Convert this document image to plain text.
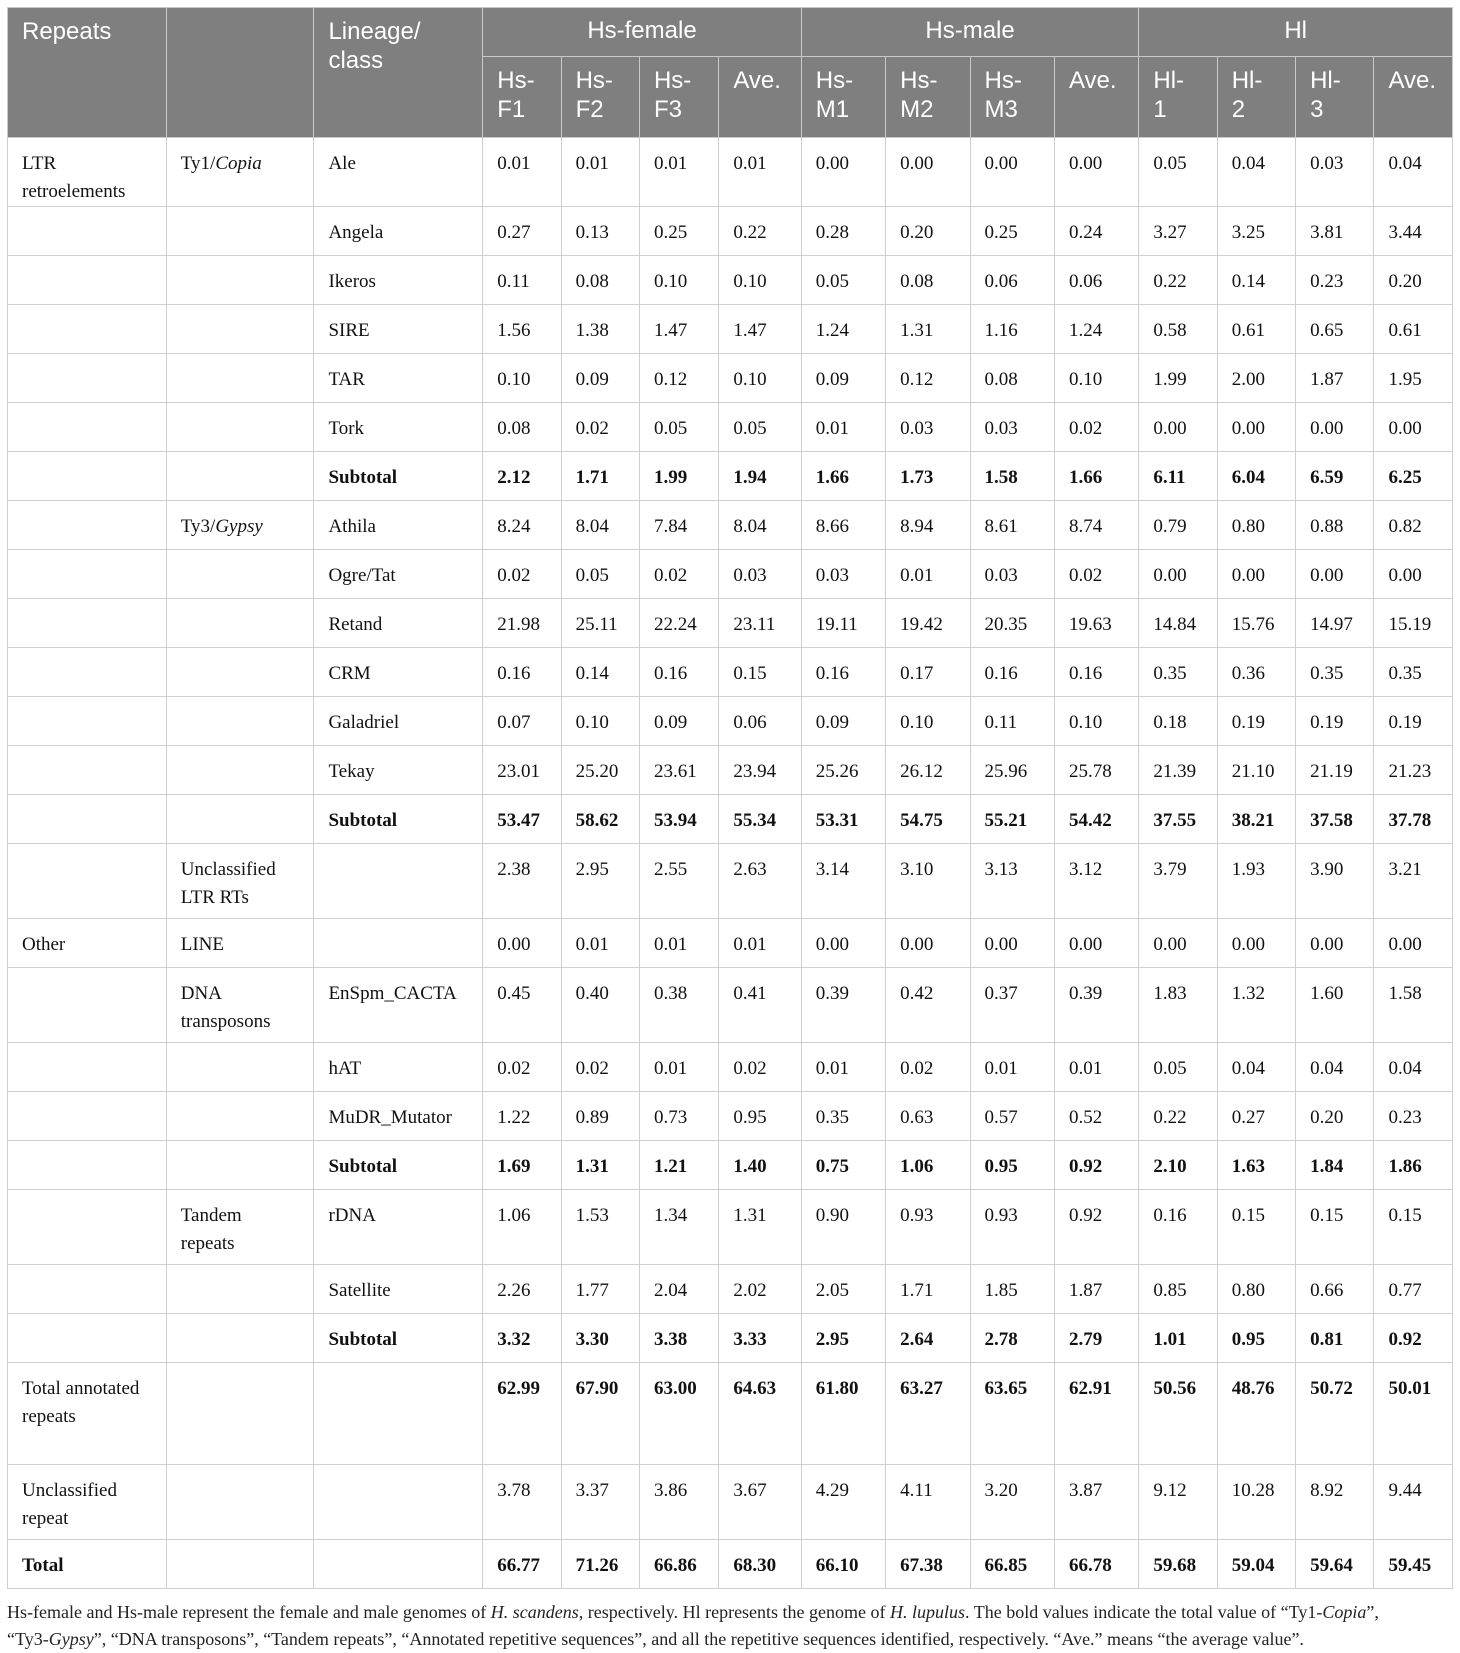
Repeats		Lineage/ class	Hs-female				Hs-male				Hl			
			Hs- F1	Hs- F2	Hs- F3	Ave.	Hs- M1	Hs- M2	Hs- M3	Ave.	Hl- 1	Hl- 2	Hl- 3	Ave.
LTR retroelements	Ty1/Copia	Ale	0.01	0.01	0.01	0.01	0.00	0.00	0.00	0.00	0.05	0.04	0.03	0.04
		Angela	0.27	0.13	0.25	0.22	0.28	0.20	0.25	0.24	3.27	3.25	3.81	3.44
		Ikeros	0.11	0.08	0.10	0.10	0.05	0.08	0.06	0.06	0.22	0.14	0.23	0.20
		SIRE	1.56	1.38	1.47	1.47	1.24	1.31	1.16	1.24	0.58	0.61	0.65	0.61
		TAR	0.10	0.09	0.12	0.10	0.09	0.12	0.08	0.10	1.99	2.00	1.87	1.95
		Tork	0.08	0.02	0.05	0.05	0.01	0.03	0.03	0.02	0.00	0.00	0.00	0.00
		Subtotal	2.12	1.71	1.99	1.94	1.66	1.73	1.58	1.66	6.11	6.04	6.59	6.25
	Ty3/Gypsy	Athila	8.24	8.04	7.84	8.04	8.66	8.94	8.61	8.74	0.79	0.80	0.88	0.82
		Ogre/Tat	0.02	0.05	0.02	0.03	0.03	0.01	0.03	0.02	0.00	0.00	0.00	0.00
		Retand	21.98	25.11	22.24	23.11	19.11	19.42	20.35	19.63	14.84	15.76	14.97	15.19
		CRM	0.16	0.14	0.16	0.15	0.16	0.17	0.16	0.16	0.35	0.36	0.35	0.35
		Galadriel	0.07	0.10	0.09	0.06	0.09	0.10	0.11	0.10	0.18	0.19	0.19	0.19
		Tekay	23.01	25.20	23.61	23.94	25.26	26.12	25.96	25.78	21.39	21.10	21.19	21.23
		Subtotal	53.47	58.62	53.94	55.34	53.31	54.75	55.21	54.42	37.55	38.21	37.58	37.78
	Unclassified LTR RTs		2.38	2.95	2.55	2.63	3.14	3.10	3.13	3.12	3.79	1.93	3.90	3.21
Other	LINE		0.00	0.01	0.01	0.01	0.00	0.00	0.00	0.00	0.00	0.00	0.00	0.00
	DNA transposons	EnSpm_CACTA	0.45	0.40	0.38	0.41	0.39	0.42	0.37	0.39	1.83	1.32	1.60	1.58
		hAT	0.02	0.02	0.01	0.02	0.01	0.02	0.01	0.01	0.05	0.04	0.04	0.04
		MuDR_Mutator	1.22	0.89	0.73	0.95	0.35	0.63	0.57	0.52	0.22	0.27	0.20	0.23
		Subtotal	1.69	1.31	1.21	1.40	0.75	1.06	0.95	0.92	2.10	1.63	1.84	1.86
	Tandem repeats	rDNA	1.06	1.53	1.34	1.31	0.90	0.93	0.93	0.92	0.16	0.15	0.15	0.15
		Satellite	2.26	1.77	2.04	2.02	2.05	1.71	1.85	1.87	0.85	0.80	0.66	0.77
		Subtotal	3.32	3.30	3.38	3.33	2.95	2.64	2.78	2.79	1.01	0.95	0.81	0.92
Total annotated repeats			62.99	67.90	63.00	64.63	61.80	63.27	63.65	62.91	50.56	48.76	50.72	50.01
Unclassified repeat			3.78	3.37	3.86	3.67	4.29	4.11	3.20	3.87	9.12	10.28	8.92	9.44
Total			66.77	71.26	66.86	68.30	66.10	67.38	66.85	66.78	59.68	59.04	59.64	59.45
Hs-female and Hs-male represent the female and male genomes of H. scandens, respectively. Hl represents the genome of H. lupulus. The bold values indicate the total value of “Ty1-Copia”,
“Ty3-Gypsy”, “DNA transposons”, “Tandem repeats”, “Annotated repetitive sequences”, and all the repetitive sequences identified, respectively. “Ave.” means “the average value”.
